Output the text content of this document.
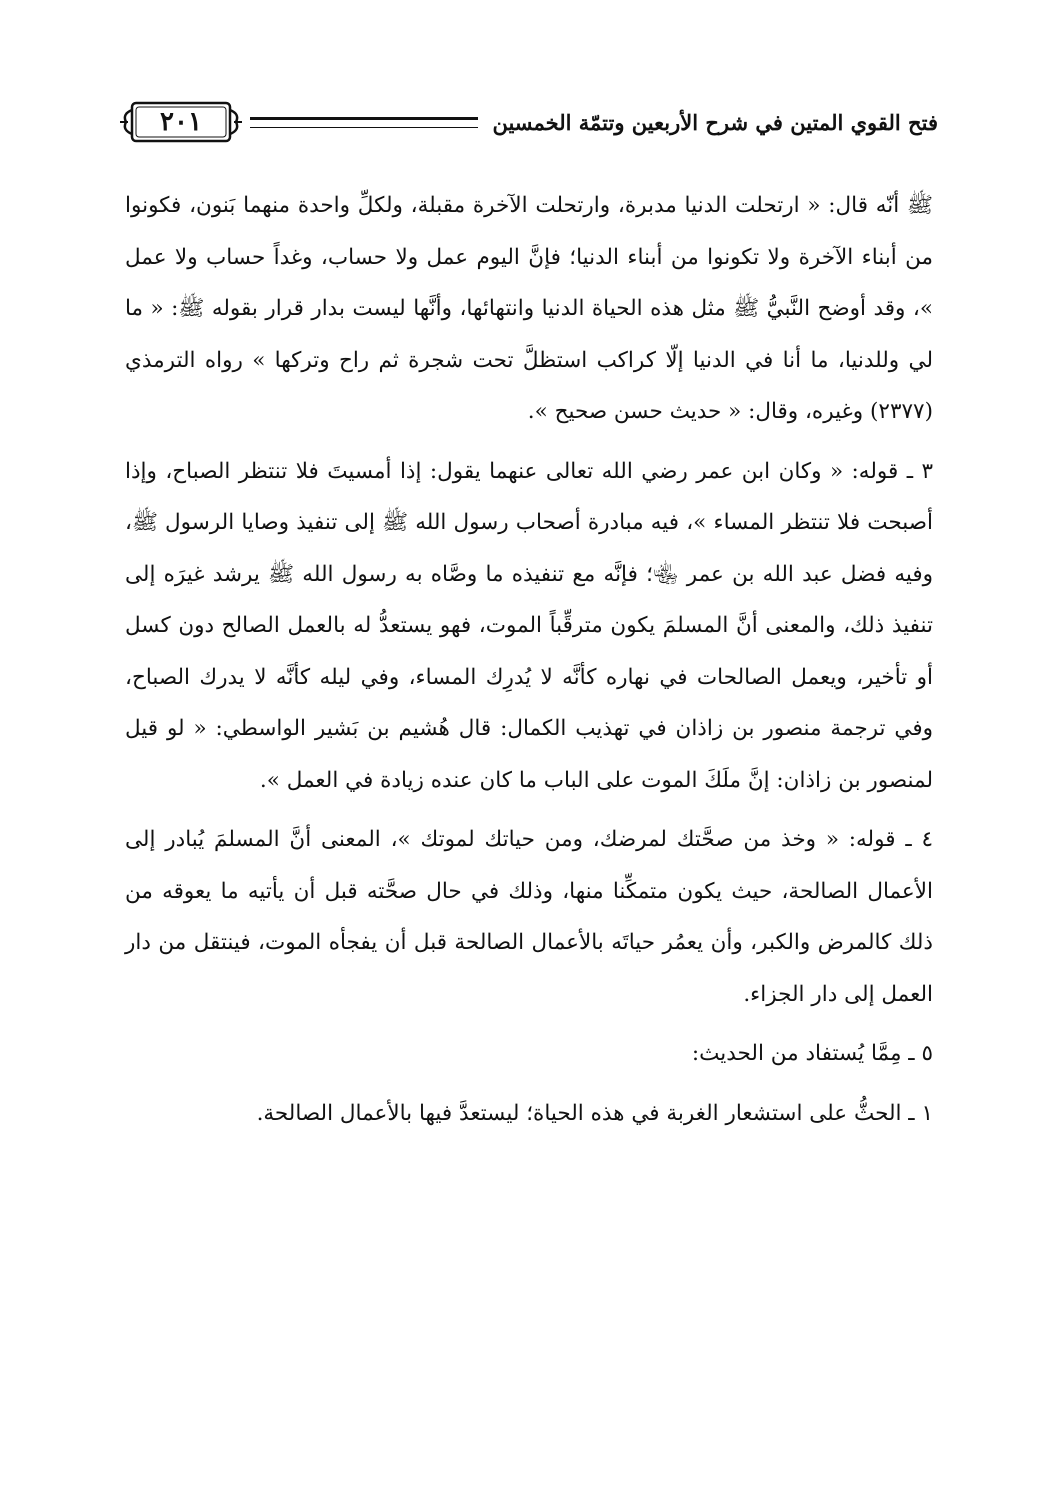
فتح القوي المتين في شرح الأربعين وتتمّة الخمسين
٢٠١

ﷺ أنّه قال: « ارتحلت الدنيا مدبرة، وارتحلت الآخرة مقبلة، ولكلِّ واحدة منهما بَنون، فكونوا من أبناء الآخرة ولا تكونوا من أبناء الدنيا؛ فإنَّ اليوم عمل ولا حساب، وغداً حساب ولا عمل »، وقد أوضح النَّبيُّ ﷺ مثل هذه الحياة الدنيا وانتهائها، وأنَّها ليست بدار قرار بقوله ﷺ: « ما لي وللدنيا، ما أنا في الدنيا إلّا كراكب استظلَّ تحت شجرة ثم راح وتركها » رواه الترمذي (٢٣٧٧) وغيره، وقال: « حديث حسن صحيح ».

٣ ـ قوله: « وكان ابن عمر رضي الله تعالى عنهما يقول: إذا أمسيتَ فلا تنتظر الصباح، وإذا أصبحت فلا تنتظر المساء »، فيه مبادرة أصحاب رسول الله ﷺ إلى تنفيذ وصايا الرسول ﷺ، وفيه فضل عبد الله بن عمر ﵄؛ فإنَّه مع تنفيذه ما وصَّاه به رسول الله ﷺ يرشد غيرَه إلى تنفيذ ذلك، والمعنى أنَّ المسلمَ يكون مترقِّباً الموت، فهو يستعدُّ له بالعمل الصالح دون كسل أو تأخير، ويعمل الصالحات في نهاره كأنَّه لا يُدرِك المساء، وفي ليله كأنَّه لا يدرك الصباح، وفي ترجمة منصور بن زاذان في تهذيب الكمال: قال هُشيم بن بَشير الواسطي: « لو قيل لمنصور بن زاذان: إنَّ ملَكَ الموت على الباب ما كان عنده زيادة في العمل ».

٤ ـ قوله: « وخذ من صحَّتك لمرضك، ومن حياتك لموتك »، المعنى أنَّ المسلمَ يُبادر إلى الأعمال الصالحة، حيث يكون متمكِّنا منها، وذلك في حال صحَّته قبل أن يأتيه ما يعوقه من ذلك كالمرض والكبر، وأن يعمُر حياتَه بالأعمال الصالحة قبل أن يفجأه الموت، فينتقل من دار العمل إلى دار الجزاء.

٥ ـ مِمَّا يُستفاد من الحديث:

١ ـ الحثُّ على استشعار الغربة في هذه الحياة؛ ليستعدَّ فيها بالأعمال الصالحة.
